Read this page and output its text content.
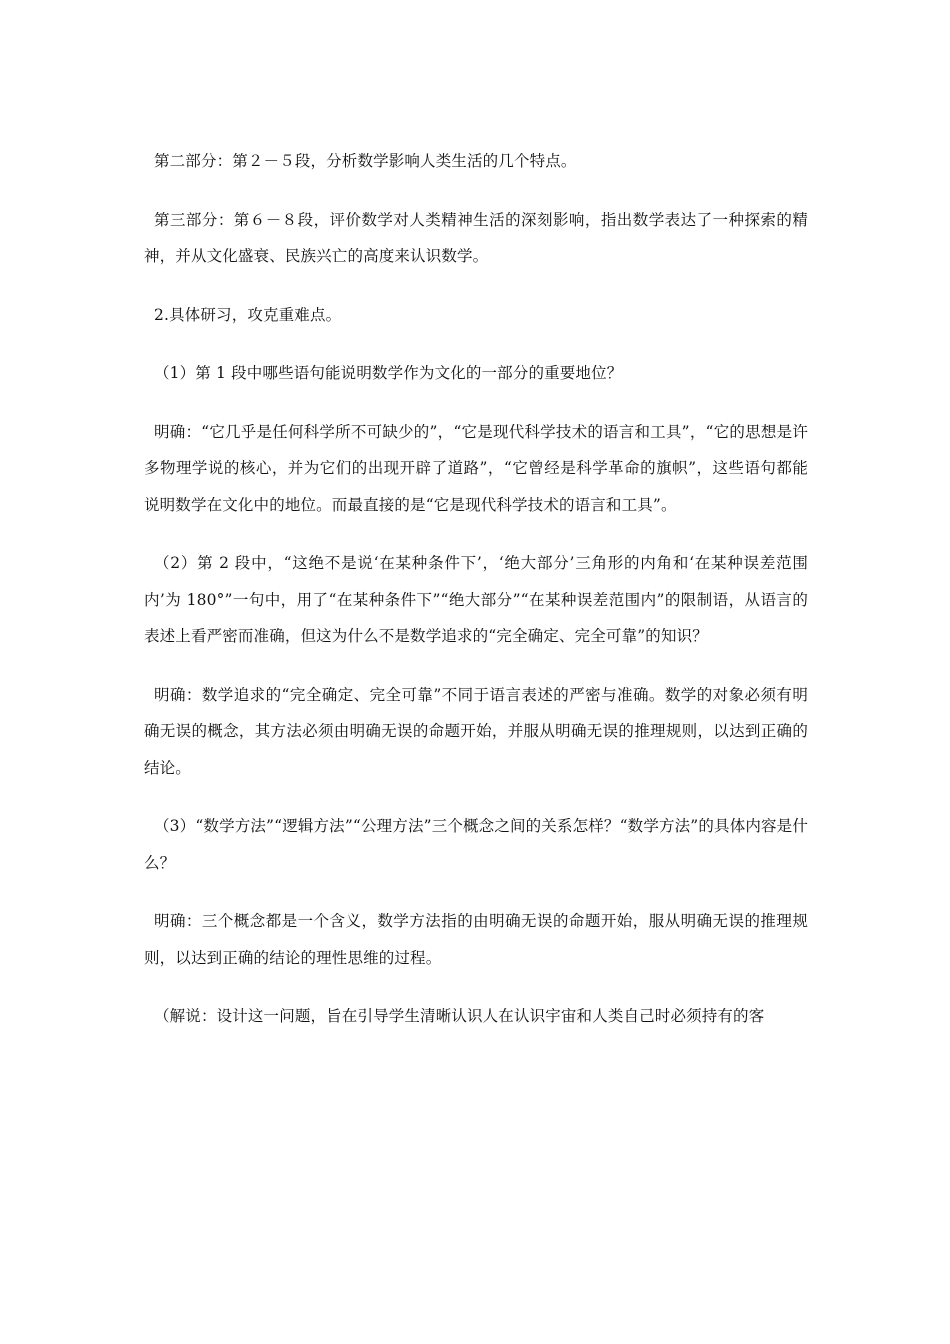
第二部分：第２－５段，分析数学影响人类生活的几个特点。

第三部分：第６－８段，评价数学对人类精神生活的深刻影响，指出数学表达了一种探索的精神，并从文化盛衰、民族兴亡的高度来认识数学。

2.具体研习，攻克重难点。

（1）第 1 段中哪些语句能说明数学作为文化的一部分的重要地位？

明确：“它几乎是任何科学所不可缺少的”，“它是现代科学技术的语言和工具”，“它的思想是许多物理学说的核心，并为它们的出现开辟了道路”，“它曾经是科学革命的旗帜”，这些语句都能说明数学在文化中的地位。而最直接的是“它是现代科学技术的语言和工具”。

（2）第 2 段中，“这绝不是说‘在某种条件下’，‘绝大部分’三角形的内角和‘在某种误差范围内’为 180°”一句中，用了“在某种条件下”“绝大部分”“在某种误差范围内”的限制语，从语言的表述上看严密而准确，但这为什么不是数学追求的“完全确定、完全可靠”的知识？

明确：数学追求的“完全确定、完全可靠”不同于语言表述的严密与准确。数学的对象必须有明确无误的概念，其方法必须由明确无误的命题开始，并服从明确无误的推理规则，以达到正确的结论。

（3）“数学方法”“逻辑方法”“公理方法”三个概念之间的关系怎样？“数学方法”的具体内容是什么？

明确：三个概念都是一个含义，数学方法指的由明确无误的命题开始，服从明确无误的推理规则，以达到正确的结论的理性思维的过程。

（解说：设计这一问题，旨在引导学生清晰认识人在认识宇宙和人类自己时必须持有的客
